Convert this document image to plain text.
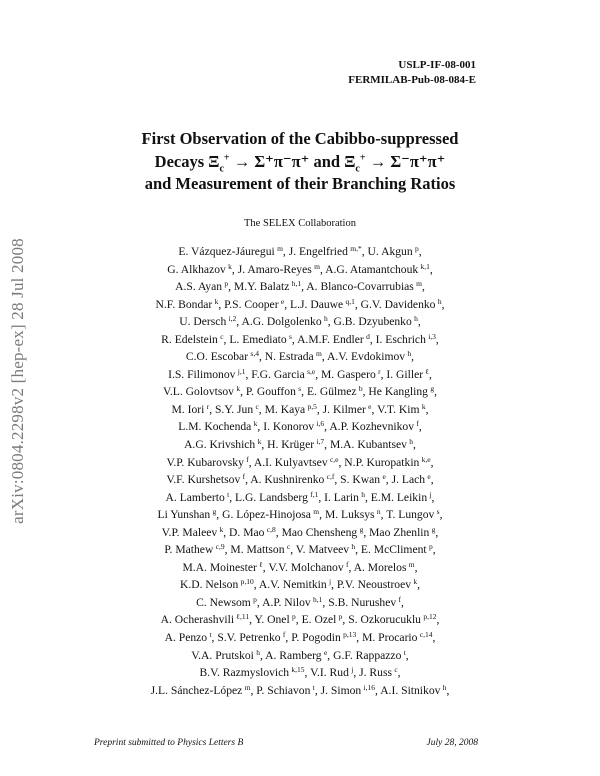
arXiv:0804.2298v2 [hep-ex] 28 Jul 2008
USLP-IF-08-001
FERMILAB-Pub-08-084-E
First Observation of the Cabibbo-suppressed
Decays $\Xi_c^+ \to \Sigma^+\pi^-\pi^+$ and $\Xi_c^+ \to \Sigma^-\pi^+\pi^+$
and Measurement of their Branching Ratios
The SELEX Collaboration
E. Vázquez-Jáuregui  $^m$, J. Engelfried  $^{m,*}$, U. Akgun  $^p$,
G. Alkhazov  $^k$, J. Amaro-Reyes  $^m$, A.G. Atamantchouk  $^{k,1}$,
A.S. Ayan  $^p$, M.Y. Balatz  $^{h,1}$, A. Blanco-Covarrubias  $^m$,
N.F. Bondar  $^k$, P.S. Cooper  $^e$, L.J. Dauwe  $^{q,1}$, G.V. Davidenko  $^h$,
U. Dersch  $^{i,2}$, A.G. Dolgolenko  $^h$, G.B. Dzyubenko  $^h$,
R. Edelstein  $^c$, L. Emediato  $^s$, A.M.F. Endler  $^d$, I. Eschrich  $^{i,3}$,
C.O. Escobar  $^{s,4}$, N. Estrada  $^m$, A.V. Evdokimov  $^h$,
I.S. Filimonov  $^{j,1}$, F.G. Garcia  $^{s,e}$, M. Gaspero  $^r$, I. Giller  $^\ell$,
V.L. Golovtsov  $^k$, P. Gouffon  $^s$, E. Gülmez  $^b$, He Kangling  $^g$,
M. Iori  $^r$, S.Y. Jun  $^c$, M. Kaya  $^{p,5}$, J. Kilmer  $^e$, V.T. Kim  $^k$,
L.M. Kochenda  $^k$, I. Konorov  $^{i,6}$, A.P. Kozhevnikov  $^f$,
A.G. Krivshich  $^k$, H. Krüger  $^{i,7}$, M.A. Kubantsev  $^h$,
V.P. Kubarovsky  $^f$, A.I. Kulyavtsev  $^{c,e}$, N.P. Kuropatkin  $^{k,e}$,
V.F. Kurshetsov  $^f$, A. Kushnirenko  $^{c,f}$, S. Kwan  $^e$, J. Lach  $^e$,
A. Lamberto  $^t$, L.G. Landsberg  $^{f,1}$, I. Larin  $^h$, E.M. Leikin  $^j$,
Li Yunshan  $^g$, G. López-Hinojosa  $^m$, M. Luksys  $^n$, T. Lungov  $^s$,
V.P. Maleev  $^k$, D. Mao  $^{c,8}$, Mao Chensheng  $^g$, Mao Zhenlin  $^g$,
P. Mathew  $^{c,9}$, M. Mattson  $^c$, V. Matveev  $^h$, E. McCliment  $^p$,
M.A. Moinester  $^\ell$, V.V. Molchanov  $^f$, A. Morelos  $^m$,
K.D. Nelson  $^{p,10}$, A.V. Nemitkin  $^j$, P.V. Neoustroev  $^k$,
C. Newsom  $^p$, A.P. Nilov  $^{h,1}$, S.B. Nurushev  $^f$,
A. Ocherashvili  $^{\ell,11}$, Y. Onel  $^p$, E. Ozel  $^p$, S. Ozkorucuklu  $^{p,12}$,
A. Penzo  $^t$, S.V. Petrenko  $^f$, P. Pogodin  $^{p,13}$, M. Procario  $^{c,14}$,
V.A. Prutskoi  $^h$, A. Ramberg  $^e$, G.F. Rappazzo  $^t$,
B.V. Razmyslovich  $^{k,15}$, V.I. Rud  $^j$, J. Russ  $^c$,
J.L. Sánchez-López  $^m$, P. Schiavon  $^t$, J. Simon  $^{i,16}$, A.I. Sitnikov  $^h$,
Preprint submitted to Physics Letters B	July 28, 2008
